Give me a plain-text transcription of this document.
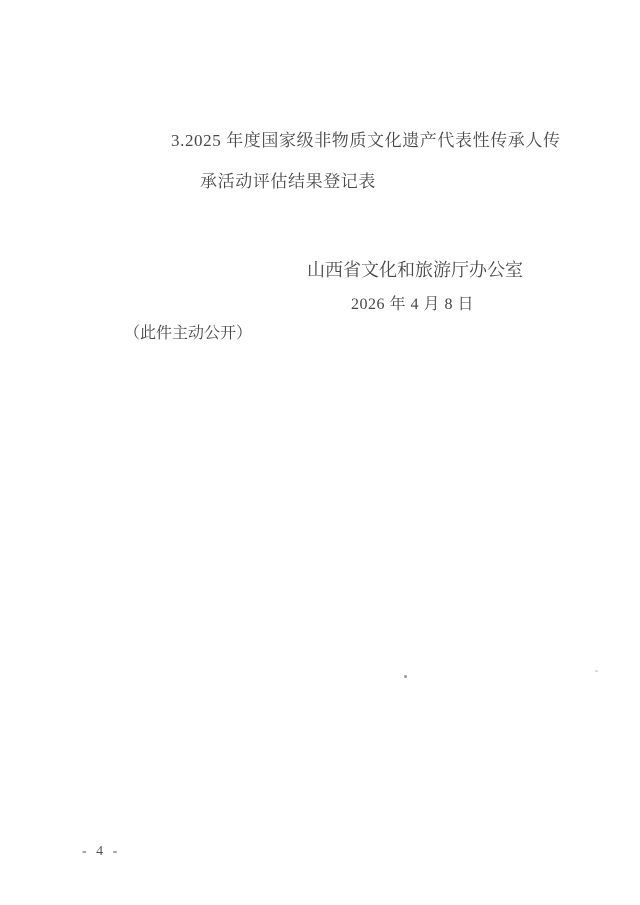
3.2025 年度国家级非物质文化遗产代表性传承人传
承活动评估结果登记表
山西省文化和旅游厅办公室
2026 年 4 月 8 日
（此件主动公开）
- 4 -
